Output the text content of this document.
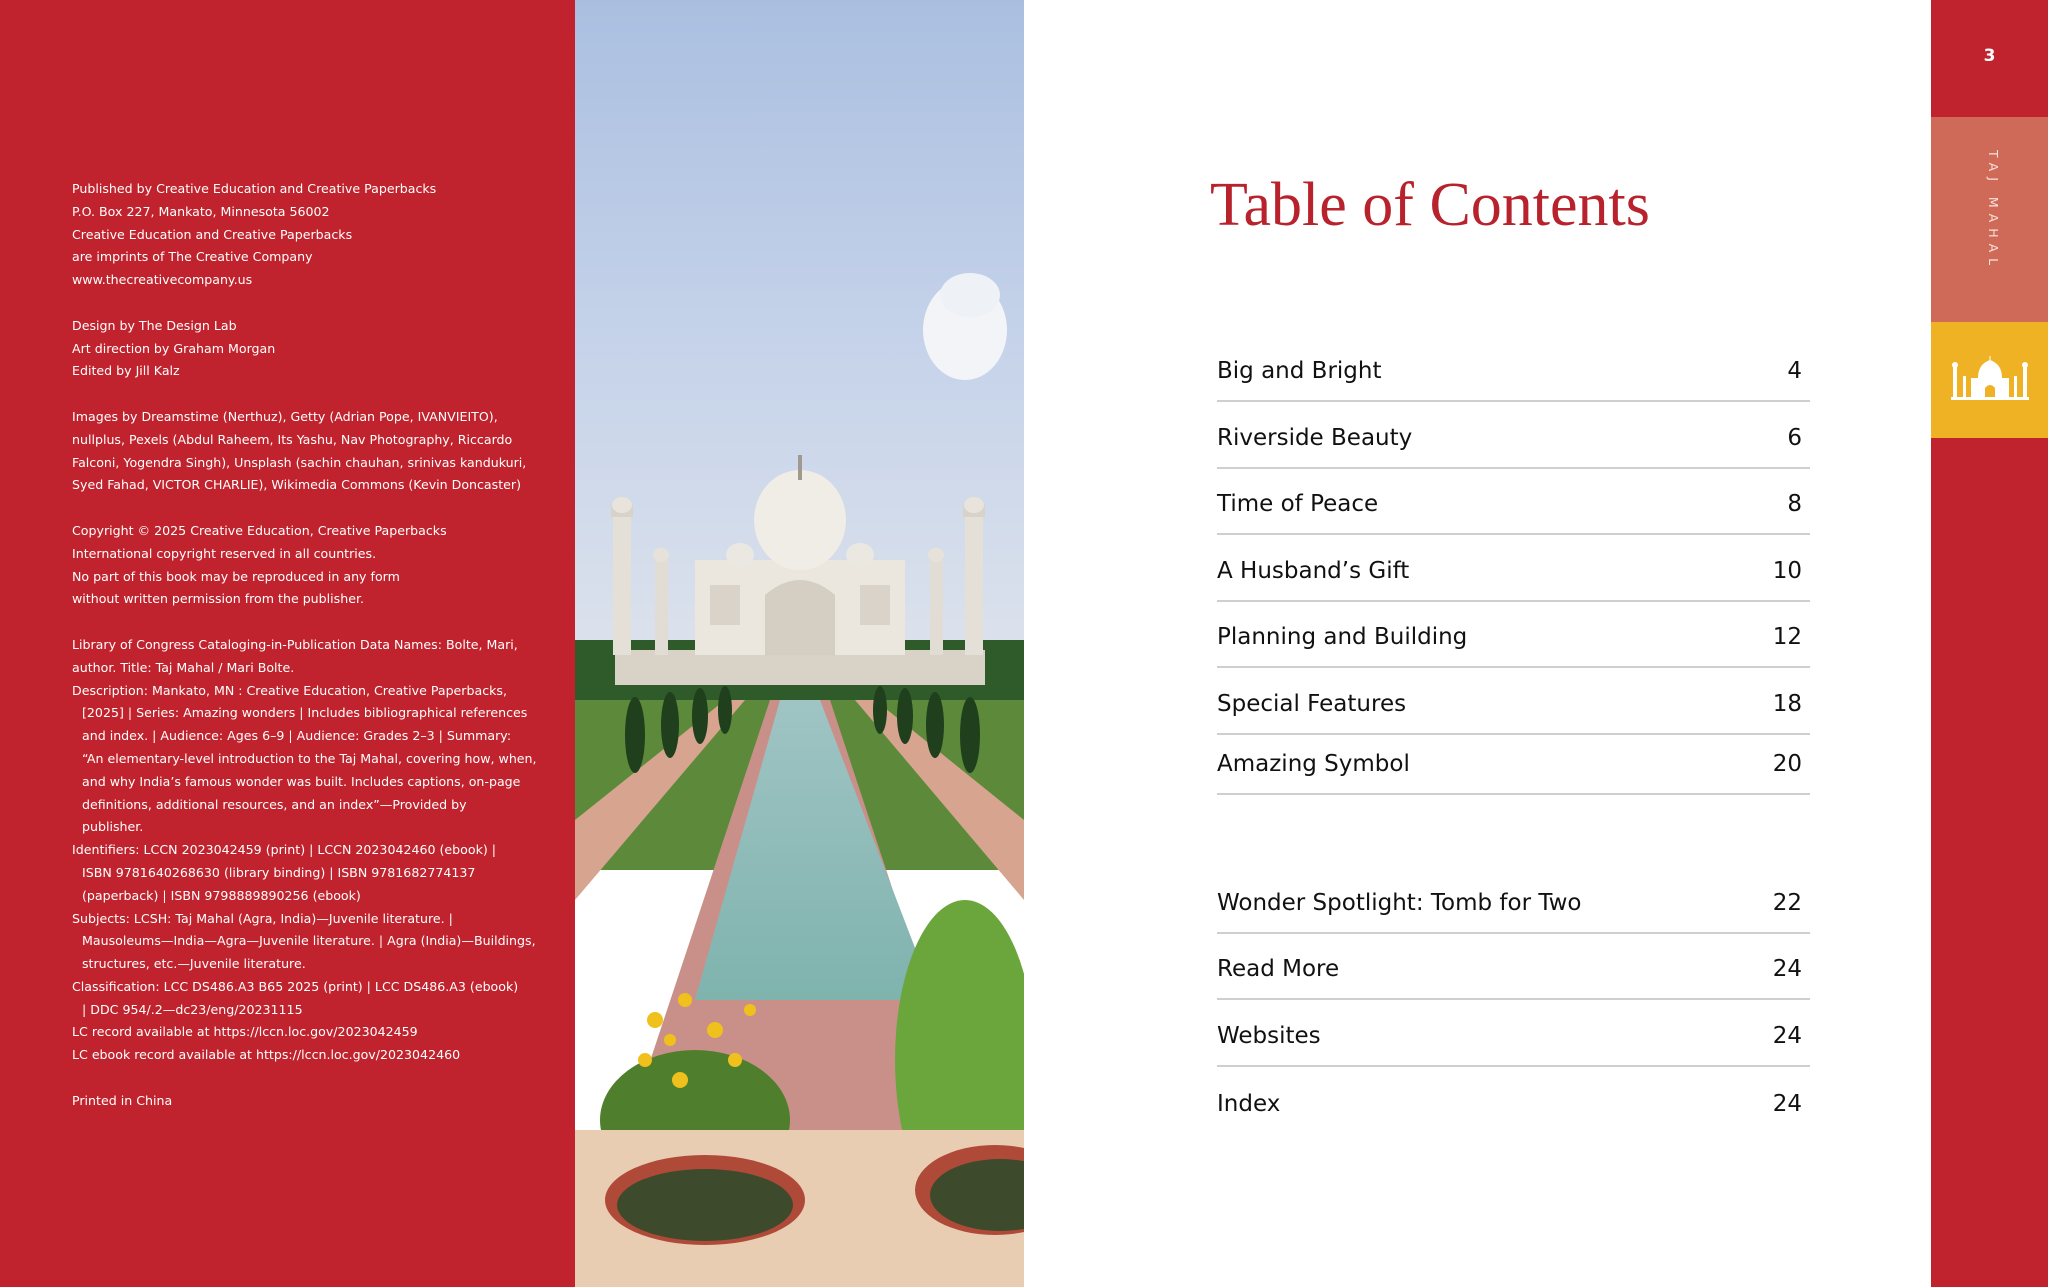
Published by Creative Education and Creative Paperbacks
P.O. Box 227, Mankato, Minnesota 56002
Creative Education and Creative Paperbacks
are imprints of The Creative Company
www.thecreativecompany.us
Design by The Design Lab
Art direction by Graham Morgan
Edited by Jill Kalz
Images by Dreamstime (Nerthuz), Getty (Adrian Pope, IVANVIEITO),
nullplus, Pexels (Abdul Raheem, Its Yashu, Nav Photography, Riccardo
Falconi, Yogendra Singh), Unsplash (sachin chauhan, srinivas kandukuri,
Syed Fahad, VICTOR CHARLIE), Wikimedia Commons (Kevin Doncaster)
Copyright © 2025 Creative Education, Creative Paperbacks
International copyright reserved in all countries.
No part of this book may be reproduced in any form
without written permission from the publisher.
Library of Congress Cataloging-in-Publication Data Names: Bolte, Mari,
author. Title: Taj Mahal / Mari Bolte.
Description: Mankato, MN : Creative Education, Creative Paperbacks,
[2025] | Series: Amazing wonders | Includes bibliographical references
and index. | Audience: Ages 6–9 | Audience: Grades 2–3 | Summary:
“An elementary-level introduction to the Taj Mahal, covering how, when,
and why India’s famous wonder was built. Includes captions, on-page
definitions, additional resources, and an index”—Provided by
publisher.
Identifiers: LCCN 2023042459 (print) | LCCN 2023042460 (ebook) |
ISBN 9781640268630 (library binding) | ISBN 9781682774137
(paperback) | ISBN 9798889890256 (ebook)
Subjects: LCSH: Taj Mahal (Agra, India)—Juvenile literature. |
Mausoleums—India—Agra—Juvenile literature. | Agra (India)—Buildings,
structures, etc.—Juvenile literature.
Classification: LCC DS486.A3 B65 2025 (print) | LCC DS486.A3 (ebook)
| DDC 954/.2—dc23/eng/20231115
LC record available at https://lccn.loc.gov/2023042459
LC ebook record available at https://lccn.loc.gov/2023042460
Printed in China
Table of Contents
Big and Bright	4
Riverside Beauty	6
Time of Peace	8
A Husband’s Gift	10
Planning and Building	12
Special Features	18
Amazing Symbol	20
Wonder Spotlight: Tomb for Two	22
Read More	24
Websites	24
Index	24
3
TAJ MAHAL
